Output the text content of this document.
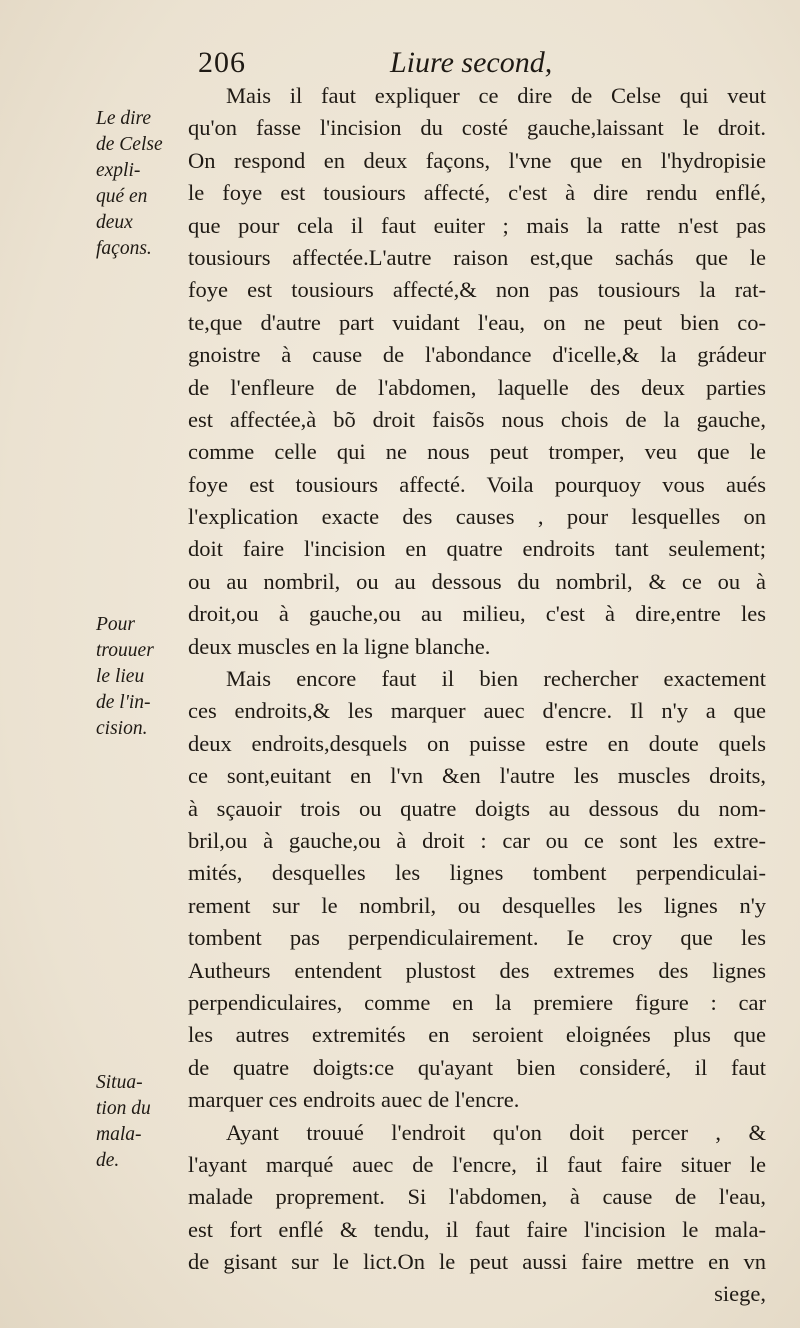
206	Liure second,
Le dire
de Celse
expli-
qué en
deux
façons.
Pour
trouuer
le lieu
de l'in-
cision.
Situa-
tion du
mala-
de.
Mais il faut expliquer ce dire de Celse qui veut
qu'on fasse l'incision du costé gauche,laissant le droit.
On respond en deux façons, l'vne que en l'hydropisie
le foye est tousiours affecté, c'est à dire rendu enflé,
que pour cela il faut euiter ; mais la ratte n'est pas
tousiours affectée.L'autre raison est,que sachás que le
foye est tousiours affecté,& non pas tousiours la rat-
te,que d'autre part vuidant l'eau, on ne peut bien co-
gnoistre à cause de l'abondance d'icelle,& la grádeur
de l'enfleure de l'abdomen, laquelle des deux parties
est affectée,à bõ droit faisõs nous chois de la gauche,
comme celle qui ne nous peut tromper, veu que le
foye est tousiours affecté. Voila pourquoy vous aués
l'explication exacte des causes , pour lesquelles on
doit faire l'incision en quatre endroits tant seulement;
ou au nombril, ou au dessous du nombril, & ce ou à
droit,ou à gauche,ou au milieu, c'est à dire,entre les
deux muscles en la ligne blanche.
Mais encore faut il bien rechercher exactement
ces endroits,& les marquer auec d'encre. Il n'y a que
deux endroits,desquels on puisse estre en doute quels
ce sont,euitant en l'vn &en l'autre les muscles droits,
à sçauoir trois ou quatre doigts au dessous du nom-
bril,ou à gauche,ou à droit : car ou ce sont les extre-
mités, desquelles les lignes tombent perpendiculai-
rement sur le nombril, ou desquelles les lignes n'y
tombent pas perpendiculairement. Ie croy que les
Autheurs entendent plustost des extremes des lignes
perpendiculaires, comme en la premiere figure : car
les autres extremités en seroient eloignées plus que
de quatre doigts:ce qu'ayant bien consideré, il faut
marquer ces endroits auec de l'encre.
Ayant trouué l'endroit qu'on doit percer , &
l'ayant marqué auec de l'encre, il faut faire situer le
malade proprement. Si l'abdomen, à cause de l'eau,
est fort enflé & tendu, il faut faire l'incision le mala-
de gisant sur le lict.On le peut aussi faire mettre en vn
siege,
